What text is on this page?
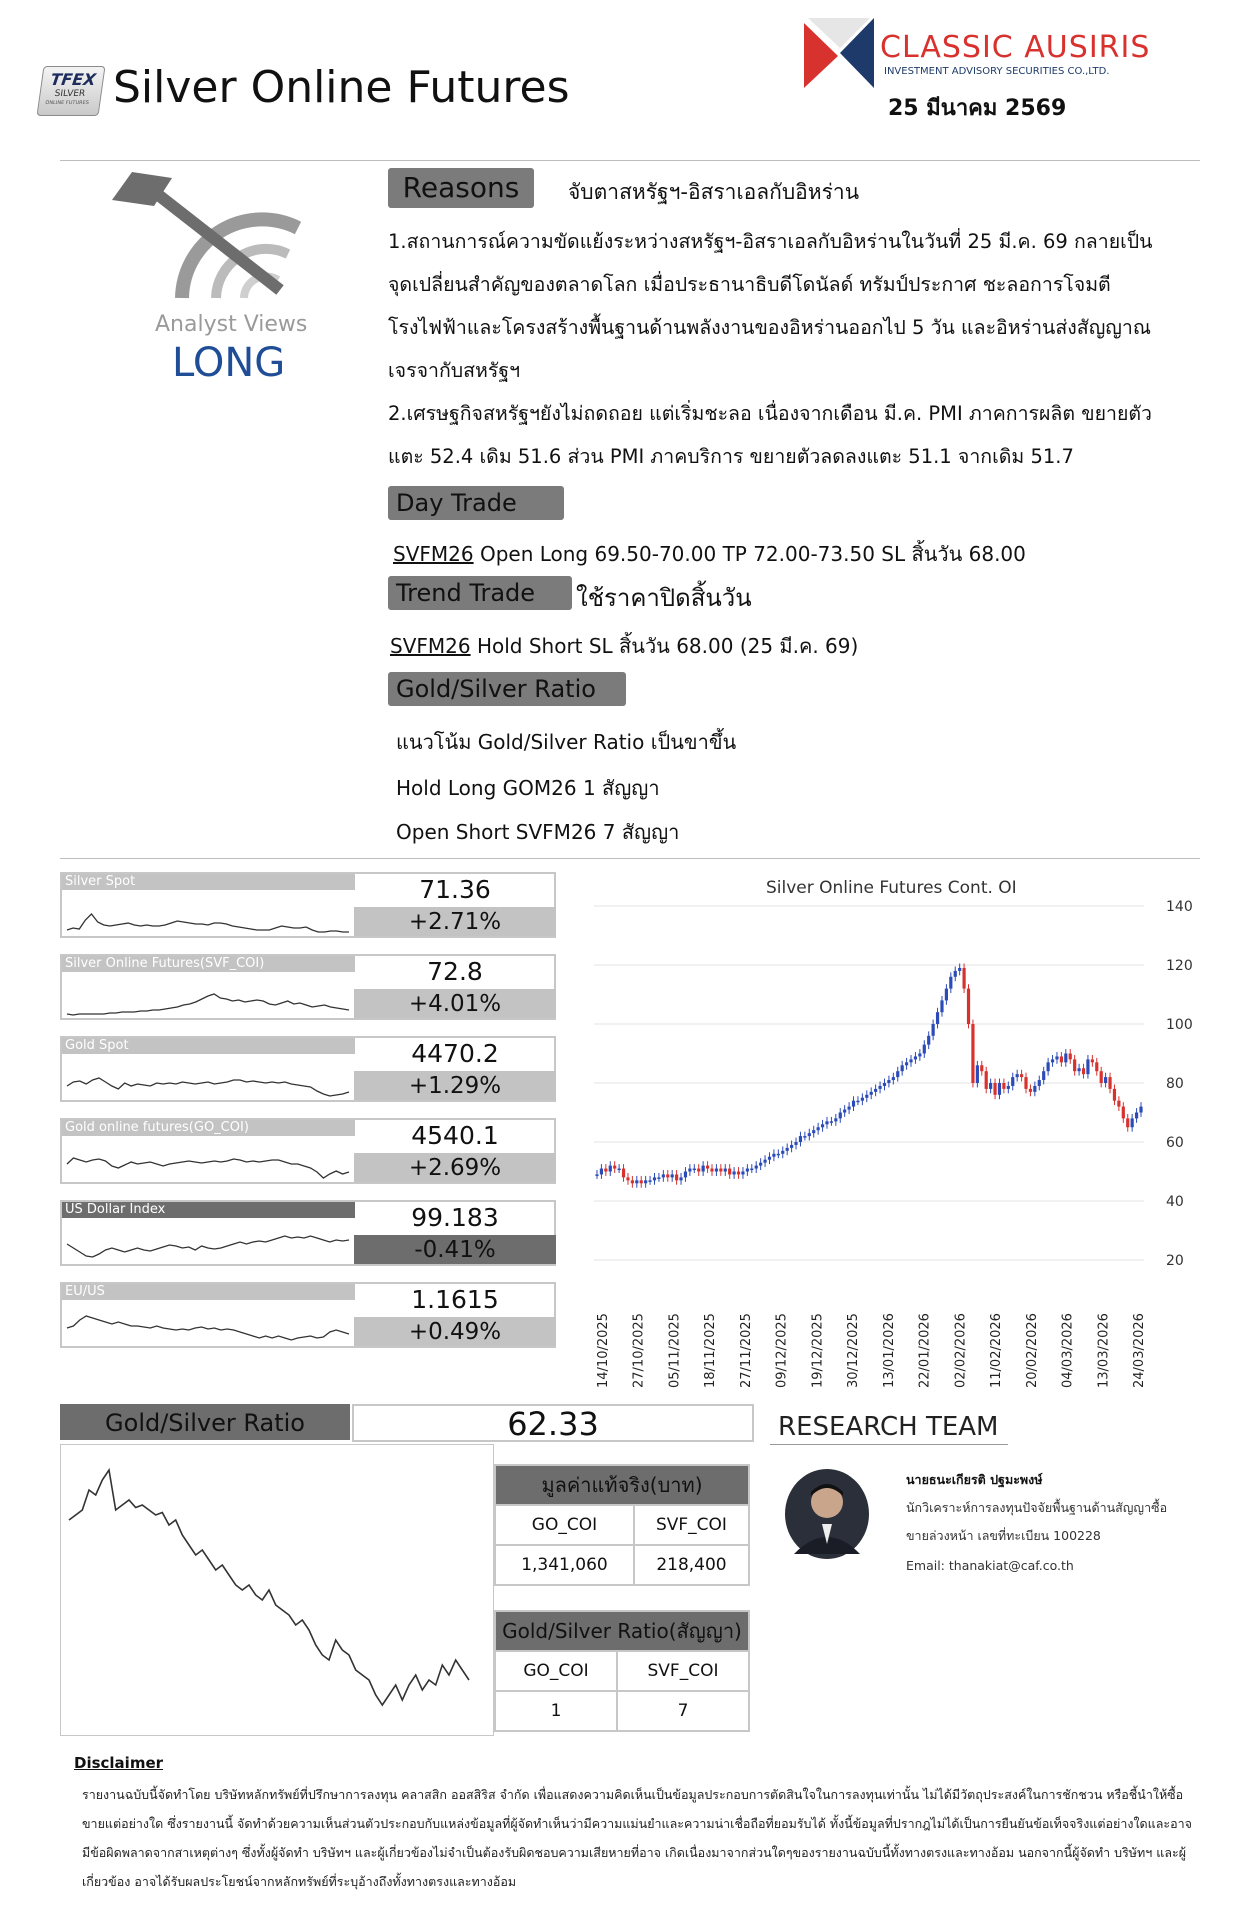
TFEX
SILVER
ONLINE FUTURES Silver Online Futures
CLASSIC AUSIRIS
INVESTMENT ADVISORY SECURITIES CO.,LTD.
25 มีนาคม 2569
Analyst Views
LONG
Reasons	จับตาสหรัฐฯ-อิสราเอลกับอิหร่าน
1.สถานการณ์ความขัดแย้งระหว่างสหรัฐฯ-อิสราเอลกับอิหร่านในวันที่ 25 มี.ค. 69 กลายเป็น
จุดเปลี่ยนสำคัญของตลาดโลก เมื่อประธานาธิบดีโดนัลด์ ทรัมป์ประกาศ ชะลอการโจมตี
โรงไฟฟ้าและโครงสร้างพื้นฐานด้านพลังงานของอิหร่านออกไป 5 วัน และอิหร่านส่งสัญญาณ
เจรจากับสหรัฐฯ
2.เศรษฐกิจสหรัฐฯยังไม่ถดถอย แต่เริ่มชะลอ เนื่องจากเดือน มี.ค. PMI ภาคการผลิต ขยายตัว
แตะ 52.4 เดิม 51.6 ส่วน PMI ภาคบริการ ขยายตัวลดลงแตะ 51.1 จากเดิม 51.7
Day Trade
SVFM26 Open Long 69.50-70.00 TP 72.00-73.50 SL สิ้นวัน 68.00
Trend Trade	ใช้ราคาปิดสิ้นวัน
SVFM26 Hold Short SL สิ้นวัน 68.00 (25 มี.ค. 69)
Gold/Silver Ratio
แนวโน้ม Gold/Silver Ratio เป็นขาขึ้น
Hold Long GOM26 1 สัญญา
Open Short SVFM26 7 สัญญา
Silver Spot	71.36
+2.71%
Silver Online Futures(SVF_COI)	72.8
+4.01%
Gold Spot	4470.2
+1.29%
Gold online futures(GO_COI)	4540.1
+2.69%
US Dollar Index	99.183
-0.41%
EU/US	1.1615
+0.49%
Silver Online Futures Cont. OI
20
40
60
80
100
120
140
14/10/2025 27/10/2025 05/11/2025 18/11/2025 27/11/2025 09/12/2025 19/12/2025 30/12/2025 13/01/2026 22/01/2026 02/02/2026 11/02/2026 20/02/2026 04/03/2026 13/03/2026 24/03/2026
Gold/Silver Ratio	62.33
มูลค่าแท้จริง(บาท)	
GO_COI	SVF_COI
1,341,060	218,400
Gold/Silver Ratio(สัญญา)	
GO_COI	SVF_COI
1	7
RESEARCH TEAM
นายธนะเกียรติ ปฐมะพงษ์
นักวิเคราะห์การลงทุนปัจจัยพื้นฐานด้านสัญญาซื้อขายล่วงหน้า เลขที่ทะเบียน 100228
Email: thanakiat@caf.co.th
Disclaimer
รายงานฉบับนี้จัดทำโดย บริษัทหลักทรัพย์ที่ปรึกษาการลงทุน คลาสสิก ออสสิริส จำกัด เพื่อแสดงความคิดเห็นเป็นข้อมูลประกอบการตัดสินใจในการลงทุนเท่านั้น ไม่ได้มีวัตถุประสงค์ในการชักชวน หรือชี้นำให้ซื้อขายแต่อย่างใด ซึ่งรายงานนี้ จัดทำด้วยความเห็นส่วนตัวประกอบกับแหล่งข้อมูลที่ผู้จัดทำเห็นว่ามีความแม่นยำและความน่าเชื่อถือที่ยอมรับได้ ทั้งนี้ข้อมูลที่ปรากฎไม่ได้เป็นการยืนยันข้อเท็จจริงแต่อย่างใดและอาจมีข้อผิดพลาดจากสาเหตุต่างๆ ซึ่งทั้งผู้จัดทำ บริษัทฯ และผู้เกี่ยวข้องไม่จำเป็นต้องรับผิดชอบความเสียหายที่อาจ เกิดเนื่องมาจากส่วนใดๆของรายงานฉบับนี้ทั้งทางตรงและทางอ้อม นอกจากนี้ผู้จัดทำ บริษัทฯ และผู้เกี่ยวข้อง อาจได้รับผลประโยชน์จากหลักทรัพย์ที่ระบุอ้างถึงทั้งทางตรงและทางอ้อม
